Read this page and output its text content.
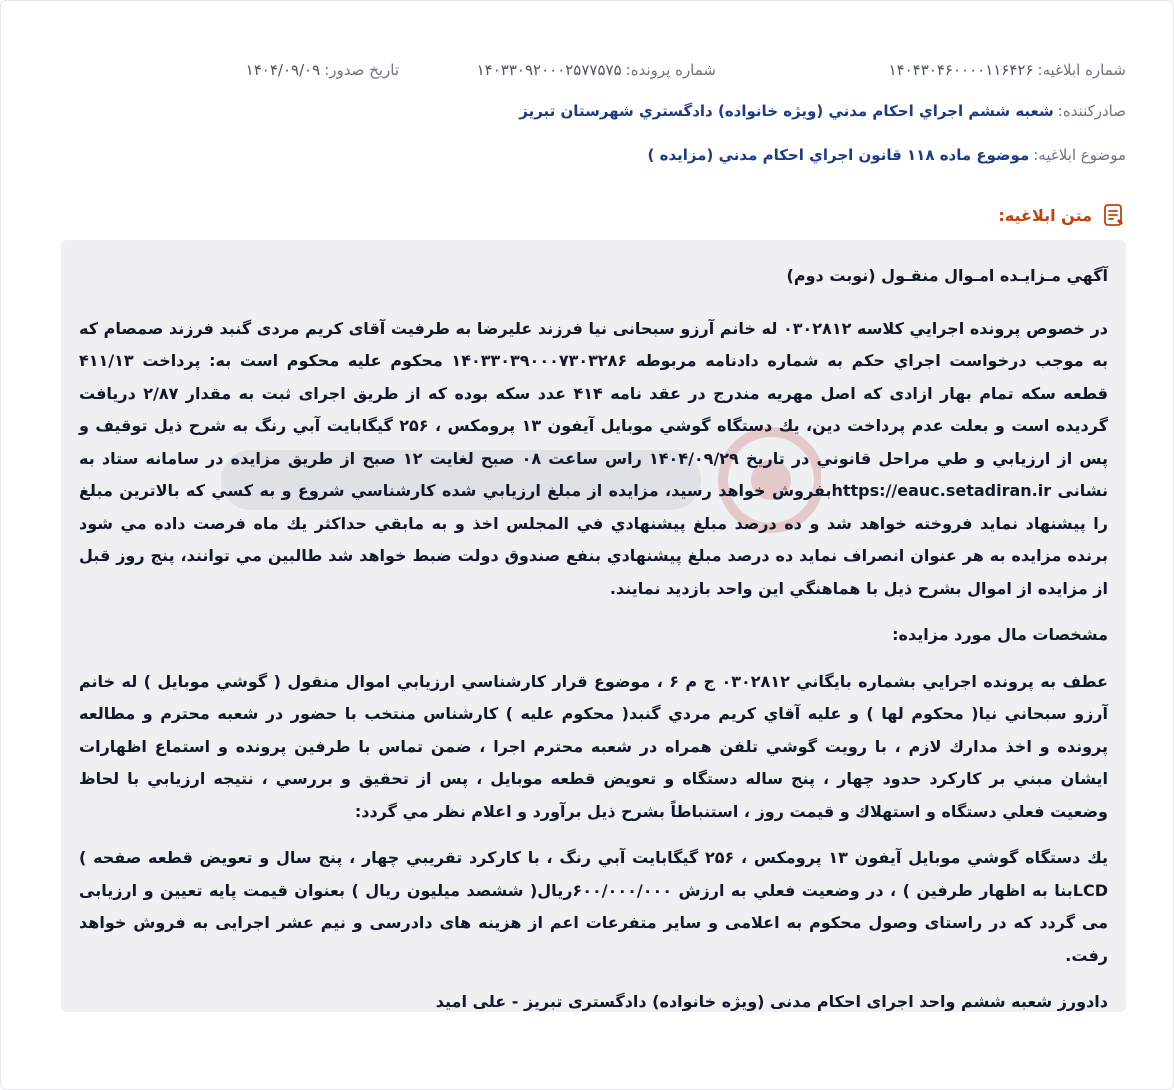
شماره ابلاغیه:
۱۴۰۴۳۰۴۶۰۰۰۰۱۱۶۴۲۶
شماره پرونده:
۱۴۰۳۳۰۹۲۰۰۰۲۵۷۷۵۷۵
تاریخ صدور:
۱۴۰۴/۰۹/۰۹
صادرکننده:
شعبه ششم اجراي احكام مدني (ويژه خانواده) دادگستري شهرستان تبريز
موضوع ابلاغیه:
موضوع ماده ۱۱۸ قانون اجراي احكام مدني (مزايده )
متن ابلاغیه:

آگهي مـزايـده امـوال منقـول (نوبت دوم)

در خصوص پرونده اجرايي كلاسه ۰۳۰۲۸۱۲ له خانم آرزو سبحانی نيا فرزند عليرضا به طرفيت آقای كريم مردی گنبد فرزند صمصام كه به موجب درخواست اجراي حكم به شماره دادنامه مربوطه ۱۴۰۳۳۰۳۹۰۰۰۷۳۰۳۲۸۶ محكوم عليه محكوم است به: پرداخت ۴۱۱/۱۳ قطعه سكه تمام بهار ازادی كه اصل مهريه مندرج در عقد نامه ۴۱۴ عدد سكه بوده كه از طريق اجرای ثبت به مقدار ۲/۸۷ دريافت گرديده است و بعلت عدم پرداخت دين، يك دستگاه گوشي موبايل آيفون ۱۳ پرومكس ، ۲۵۶ گيگابايت آبي رنگ به شرح ذيل توقيف و پس از ارزيابي و طي مراحل قانوني در تاريخ ۱۴۰۴/۰۹/۲۹ راس ساعت ۰۸ صبح لغايت ۱۲ صبح از طريق مزايده در سامانه ستاد به نشانی https://eauc.setadiran.irبفروش خواهد رسيد، مزايده از مبلغ ارزيابي شده كارشناسي شروع و به كسي كه بالاترين مبلغ را پيشنهاد نمايد فروخته خواهد شد و ده درصد مبلغ پيشنهادي في المجلس اخذ و به مابقي حداكثر يك ماه فرصت داده مي شود برنده مزايده به هر عنوان انصراف نمايد ده درصد مبلغ پيشنهادي بنفع صندوق دولت ضبط خواهد شد طالبين مي توانند، پنج روز قبل از مزايده از اموال بشرح ذيل با هماهنگي اين واحد بازديد نمايند.

مشخصات مال مورد مزايده:

عطف به پرونده اجرايي بشماره بايگاني ۰۳۰۲۸۱۲ ج م ۶ ، موضوع قرار كارشناسي ارزيابي اموال منقول ( گوشي موبايل ) له خانم آرزو سبحاني نيا( محكوم لها ) و عليه آقاي كريم مردي گنبد( محكوم عليه ) كارشناس منتخب با حضور در شعبه محترم و مطالعه پرونده و اخذ مدارك لازم ، با رويت گوشي تلفن همراه در شعبه محترم اجرا ، ضمن تماس با طرفين پرونده و استماع اظهارات ايشان مبني بر كاركرد حدود چهار ، پنج ساله دستگاه و تعويض قطعه موبايل ، پس از تحقيق و بررسي ، نتيجه ارزيابي با لحاظ وضعيت فعلي دستگاه و استهلاك و قيمت روز ، استنباطاً بشرح ذيل برآورد و اعلام نظر مي گردد:

يك دستگاه گوشي موبايل آيفون ۱۳ پرومكس ، ۲۵۶ گيگابايت آبي رنگ ، با كاركرد تقريبي چهار ، پنج سال و تعويض قطعه صفحه ) LCDبنا به اظهار طرفين ) ، در وضعيت فعلي به ارزش ۶۰۰/۰۰۰/۰۰۰ريال( ششصد ميليون ريال ) بعنوان قيمت پايه تعيين و ارزيابی می گردد كه در راستای وصول محكوم به اعلامی و ساير متفرعات اعم از هزينه های دادرسی و نيم عشر اجرايی به فروش خواهد رفت.

دادورز شعبه ششم واحد اجرای احكام مدنی (ويژه خانواده) دادگستری تبريز - علی اميد
